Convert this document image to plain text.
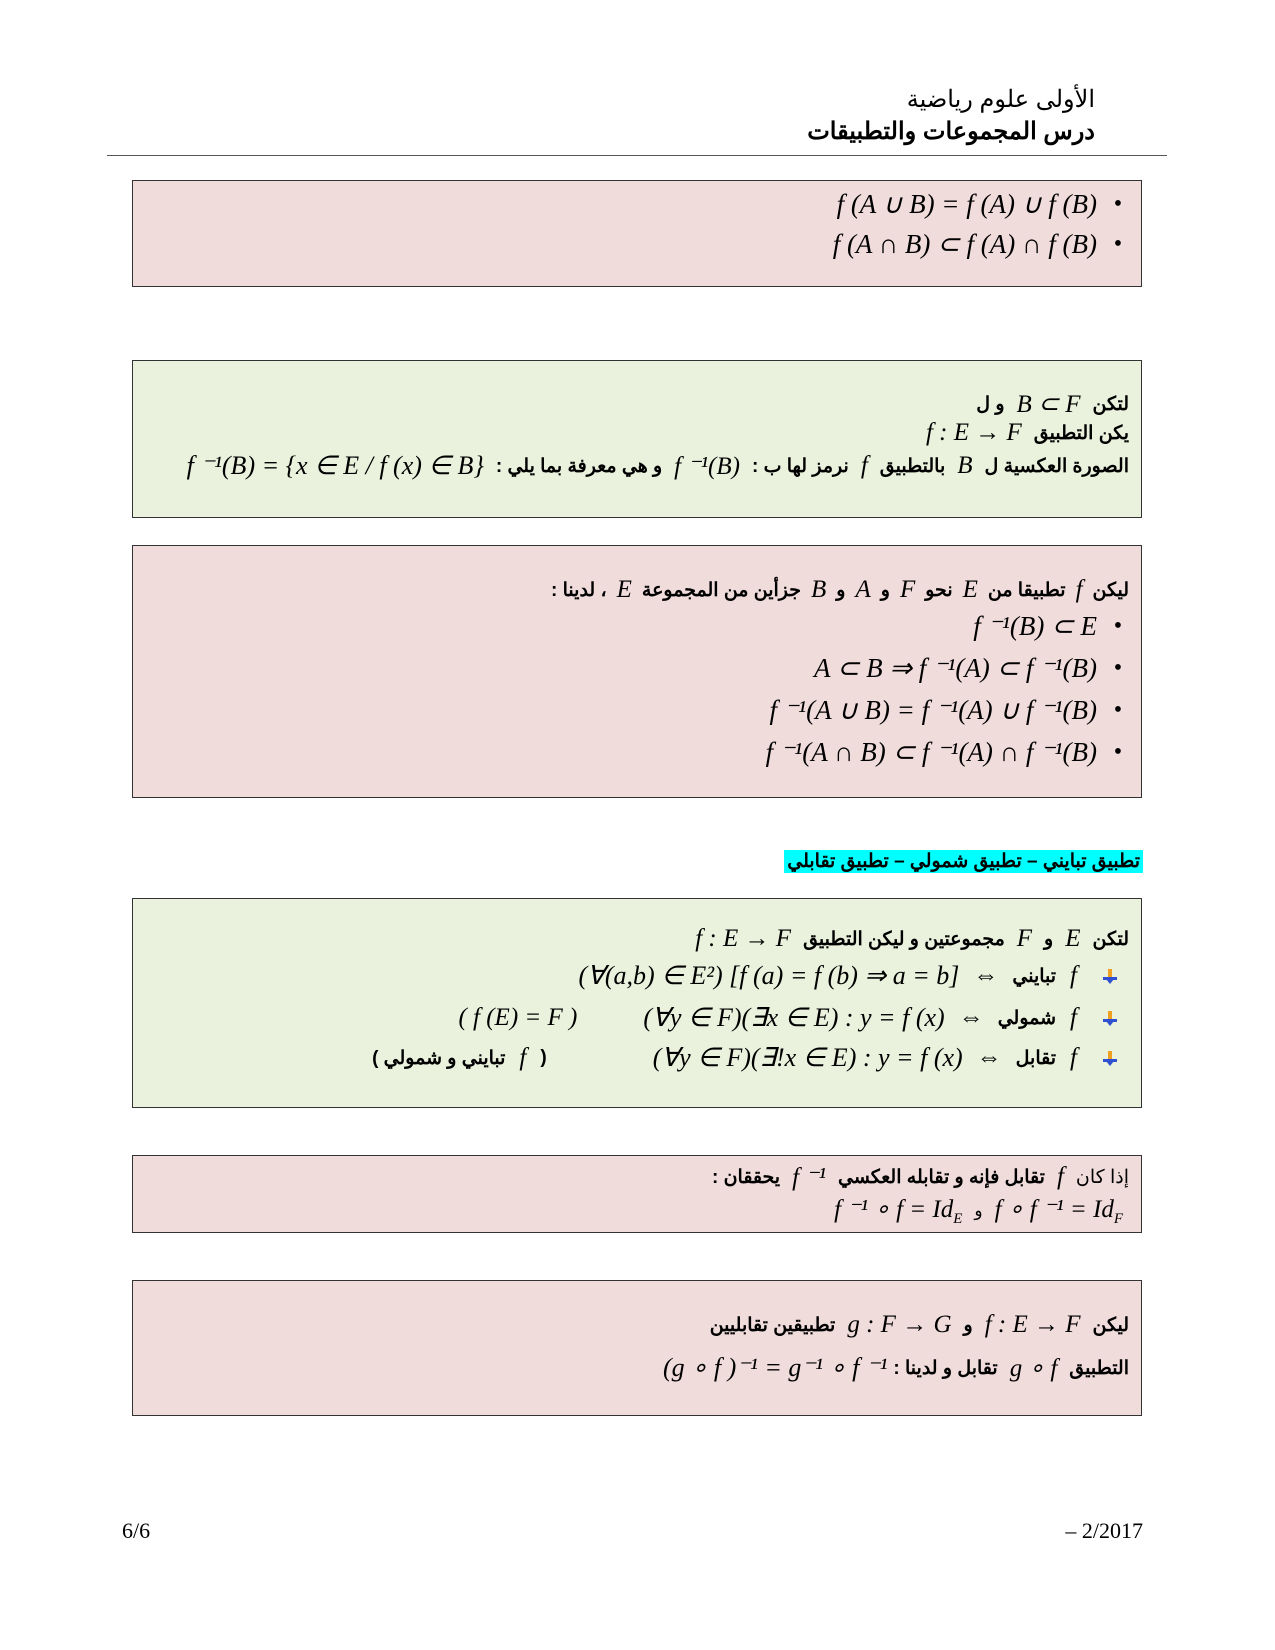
الأولى علوم رياضية
درس المجموعات والتطبيقات
•
f (A ∪ B) = f (A) ∪ f (B)
•
f (A ∩ B) ⊂ f (A) ∩ f (B)
لتكن
B ⊂ F
و ل
يكن التطبيق
f : E → F
الصورة العكسية ل
B
بالتطبيق
f
نرمز لها ب :
f ⁻¹(B)
و هي معرفة بما يلي :
f ⁻¹(B) = {x ∈ E / f (x) ∈ B}
ليكن
f
تطبيقا من
E
نحو
F
و
A
و
B
جزأين من المجموعة
E
، لدينا :
•
f ⁻¹(B) ⊂ E
•
A ⊂ B ⇒ f ⁻¹(A) ⊂ f ⁻¹(B)
•
f ⁻¹(A ∪ B) = f ⁻¹(A) ∪ f ⁻¹(B)
•
f ⁻¹(A ∩ B) ⊂ f ⁻¹(A) ∩ f ⁻¹(B)
تطبيق تبايني – تطبيق شمولي – تطبيق تقابلي
لتكن
E
و
F
مجموعتين و ليكن التطبيق
f : E → F
f
تبايني
⇔
(∀(a,b) ∈ E²) [f (a) = f (b) ⇒ a = b]
f
شمولي
⇔
(∀y ∈ F)(∃x ∈ E) : y = f (x)
( f (E) = F )
f
تقابل
⇔
(∀y ∈ F)(∃!x ∈ E) : y = f (x)
(
f
تبايني و شمولي )
إذا كان
f
تقابل فإنه و تقابله العكسي
f ⁻¹
يحققان :
f ∘ f $^{-1} = Id_F$
و
f ⁻¹ ∘ $f = Id_E$
ليكن
f : E → F
و
g : F → G
تطبيقين تقابليين
التطبيق
g ∘ f
تقابل و لدينا :
(g ∘ f )⁻¹ = g⁻¹ ∘ f ⁻¹
6/6	– 2/2017
